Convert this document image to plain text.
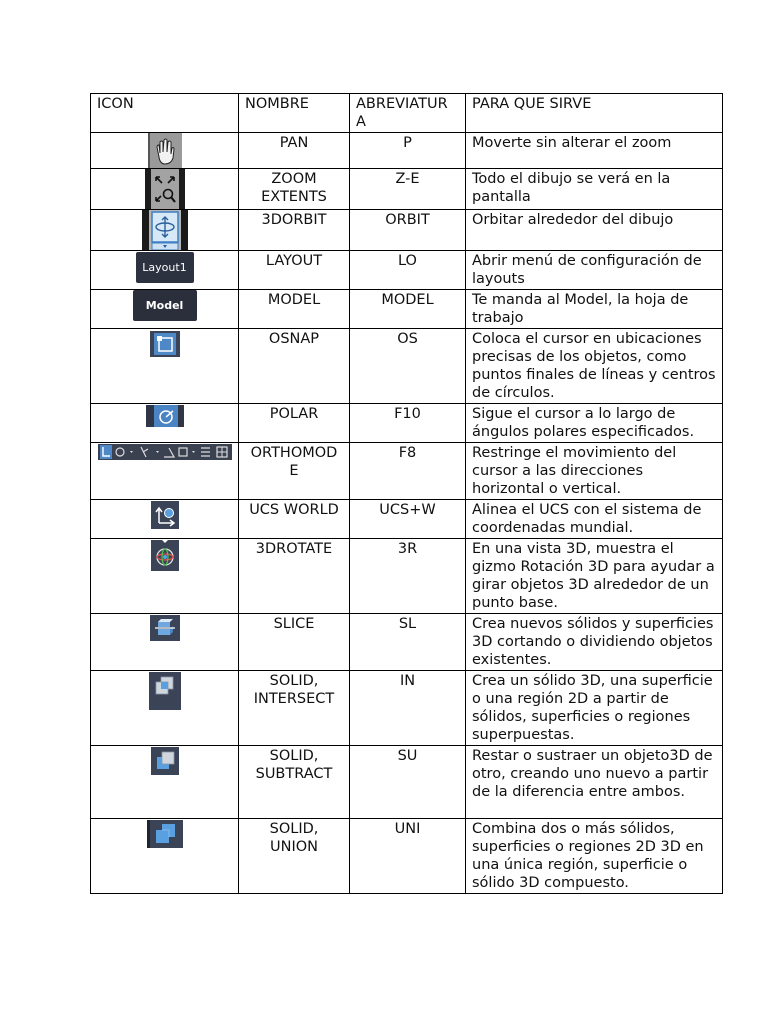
ICON	NOMBRE	ABREVIATUR A	PARA QUE SIRVE

	PAN	P	Moverte sin alterar el zoom

	ZOOM EXTENTS	Z-E	Todo el dibujo se verá en la pantalla

	3DORBIT	ORBIT	Orbitar alrededor del dibujo

Layout1	LAYOUT	LO	Abrir menú de configuración de layouts

Model	MODEL	MODEL	Te manda al Model, la hoja de trabajo

	OSNAP	OS	Coloca el cursor en ubicaciones precisas de los objetos, como puntos finales de líneas y centros de círculos.

	POLAR	F10	Sigue el cursor a lo largo de ángulos polares especificados.

	ORTHOMOD E	F8	Restringe el movimiento del cursor a las direcciones horizontal o vertical.

	UCS WORLD	UCS+W	Alinea el UCS con el sistema de coordenadas mundial.

	3DROTATE	3R	En una vista 3D, muestra el gizmo Rotación 3D para ayudar a girar objetos 3D alrededor de un punto base.

	SLICE	SL	Crea nuevos sólidos y superficies 3D cortando o dividiendo objetos existentes.

	SOLID, INTERSECT	IN	Crea un sólido 3D, una superficie o una región 2D a partir de sólidos, superficies o regiones superpuestas.

	SOLID, SUBTRACT	SU	Restar o sustraer un objeto3D de otro, creando uno nuevo a partir de la diferencia entre ambos.

	SOLID, UNION	UNI	Combina dos o más sólidos, superficies o regiones 2D 3D en una única región, superficie o sólido 3D compuesto.
